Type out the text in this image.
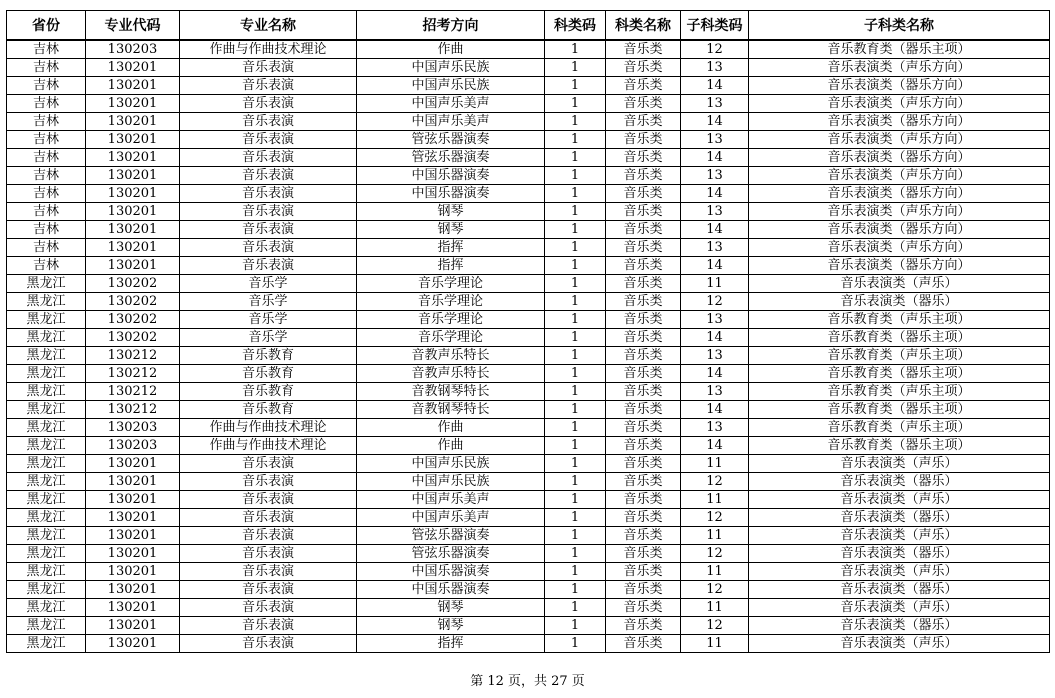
省份	专业代码	专业名称	招考方向	科类码	科类名称	子科类码	子科类名称
吉林	130203	作曲与作曲技术理论	作曲	1	音乐类	12	音乐教育类（器乐主项）
吉林	130201	音乐表演	中国声乐民族	1	音乐类	13	音乐表演类（声乐方向）
吉林	130201	音乐表演	中国声乐民族	1	音乐类	14	音乐表演类（器乐方向）
吉林	130201	音乐表演	中国声乐美声	1	音乐类	13	音乐表演类（声乐方向）
吉林	130201	音乐表演	中国声乐美声	1	音乐类	14	音乐表演类（器乐方向）
吉林	130201	音乐表演	管弦乐器演奏	1	音乐类	13	音乐表演类（声乐方向）
吉林	130201	音乐表演	管弦乐器演奏	1	音乐类	14	音乐表演类（器乐方向）
吉林	130201	音乐表演	中国乐器演奏	1	音乐类	13	音乐表演类（声乐方向）
吉林	130201	音乐表演	中国乐器演奏	1	音乐类	14	音乐表演类（器乐方向）
吉林	130201	音乐表演	钢琴	1	音乐类	13	音乐表演类（声乐方向）
吉林	130201	音乐表演	钢琴	1	音乐类	14	音乐表演类（器乐方向）
吉林	130201	音乐表演	指挥	1	音乐类	13	音乐表演类（声乐方向）
吉林	130201	音乐表演	指挥	1	音乐类	14	音乐表演类（器乐方向）
黑龙江	130202	音乐学	音乐学理论	1	音乐类	11	音乐表演类（声乐）
黑龙江	130202	音乐学	音乐学理论	1	音乐类	12	音乐表演类（器乐）
黑龙江	130202	音乐学	音乐学理论	1	音乐类	13	音乐教育类（声乐主项）
黑龙江	130202	音乐学	音乐学理论	1	音乐类	14	音乐教育类（器乐主项）
黑龙江	130212	音乐教育	音教声乐特长	1	音乐类	13	音乐教育类（声乐主项）
黑龙江	130212	音乐教育	音教声乐特长	1	音乐类	14	音乐教育类（器乐主项）
黑龙江	130212	音乐教育	音教钢琴特长	1	音乐类	13	音乐教育类（声乐主项）
黑龙江	130212	音乐教育	音教钢琴特长	1	音乐类	14	音乐教育类（器乐主项）
黑龙江	130203	作曲与作曲技术理论	作曲	1	音乐类	13	音乐教育类（声乐主项）
黑龙江	130203	作曲与作曲技术理论	作曲	1	音乐类	14	音乐教育类（器乐主项）
黑龙江	130201	音乐表演	中国声乐民族	1	音乐类	11	音乐表演类（声乐）
黑龙江	130201	音乐表演	中国声乐民族	1	音乐类	12	音乐表演类（器乐）
黑龙江	130201	音乐表演	中国声乐美声	1	音乐类	11	音乐表演类（声乐）
黑龙江	130201	音乐表演	中国声乐美声	1	音乐类	12	音乐表演类（器乐）
黑龙江	130201	音乐表演	管弦乐器演奏	1	音乐类	11	音乐表演类（声乐）
黑龙江	130201	音乐表演	管弦乐器演奏	1	音乐类	12	音乐表演类（器乐）
黑龙江	130201	音乐表演	中国乐器演奏	1	音乐类	11	音乐表演类（声乐）
黑龙江	130201	音乐表演	中国乐器演奏	1	音乐类	12	音乐表演类（器乐）
黑龙江	130201	音乐表演	钢琴	1	音乐类	11	音乐表演类（声乐）
黑龙江	130201	音乐表演	钢琴	1	音乐类	12	音乐表演类（器乐）
黑龙江	130201	音乐表演	指挥	1	音乐类	11	音乐表演类（声乐）
第 12 页，共 27 页
